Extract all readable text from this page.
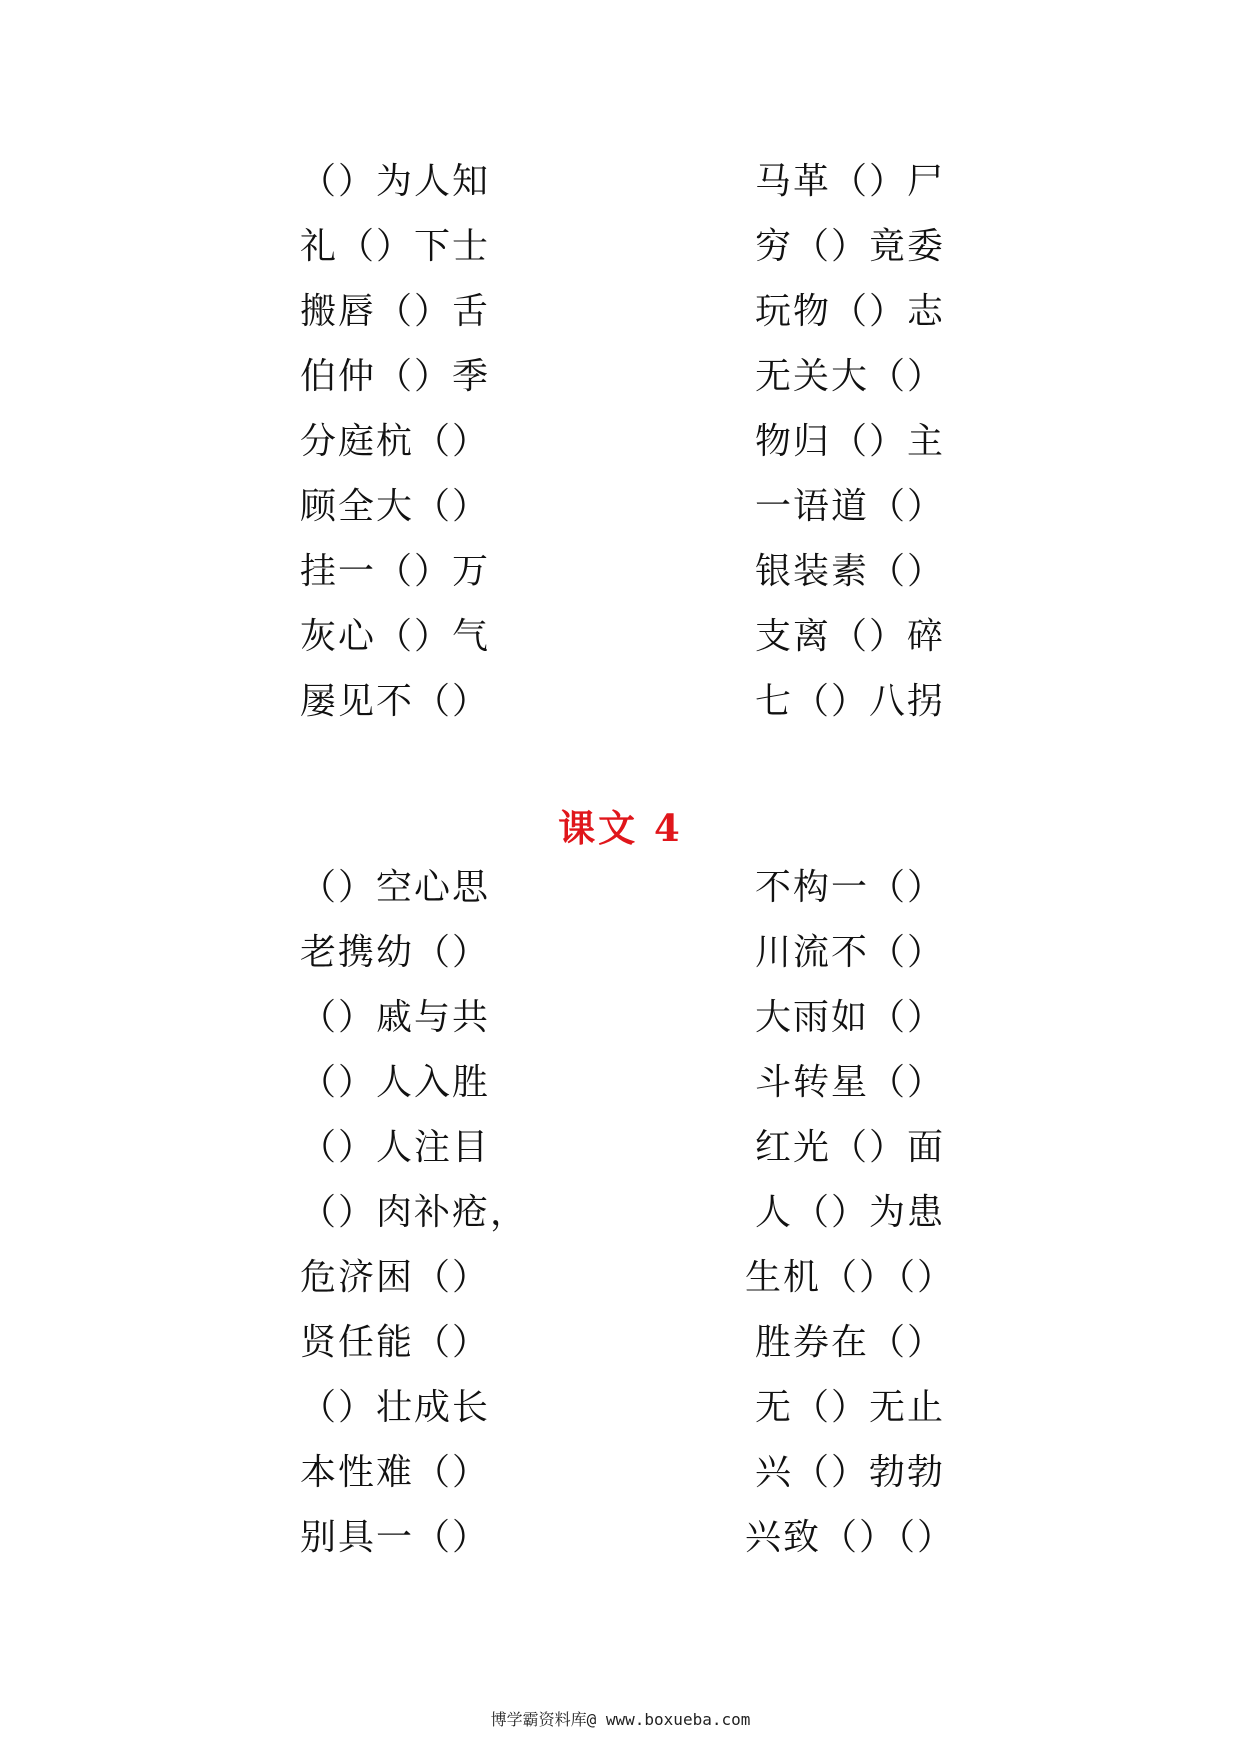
（）为人知
礼（）下士
搬唇（）舌
伯仲（）季
分庭杭（）
顾全大（）
挂一（）万
灰心（）气
屡见不（）
马革（）尸
穷（）竟委
玩物（）志
无关大（）
物归（）主
一语道（）
银装素（）
支离（）碎
七（）八拐
课文 4
（）空心思
老携幼（）
（）戚与共
（）人入胜
（）人注目
（）肉补疮，
危济困（）
贤任能（）
（）壮成长
本性难（）
别具一（）
不构一（）
川流不（）
大雨如（）
斗转星（）
红光（）面
人（）为患
生机（）（）
胜券在（）
无（）无止
兴（）勃勃
兴致（）（）
博学霸资料库@ www.boxueba.com
